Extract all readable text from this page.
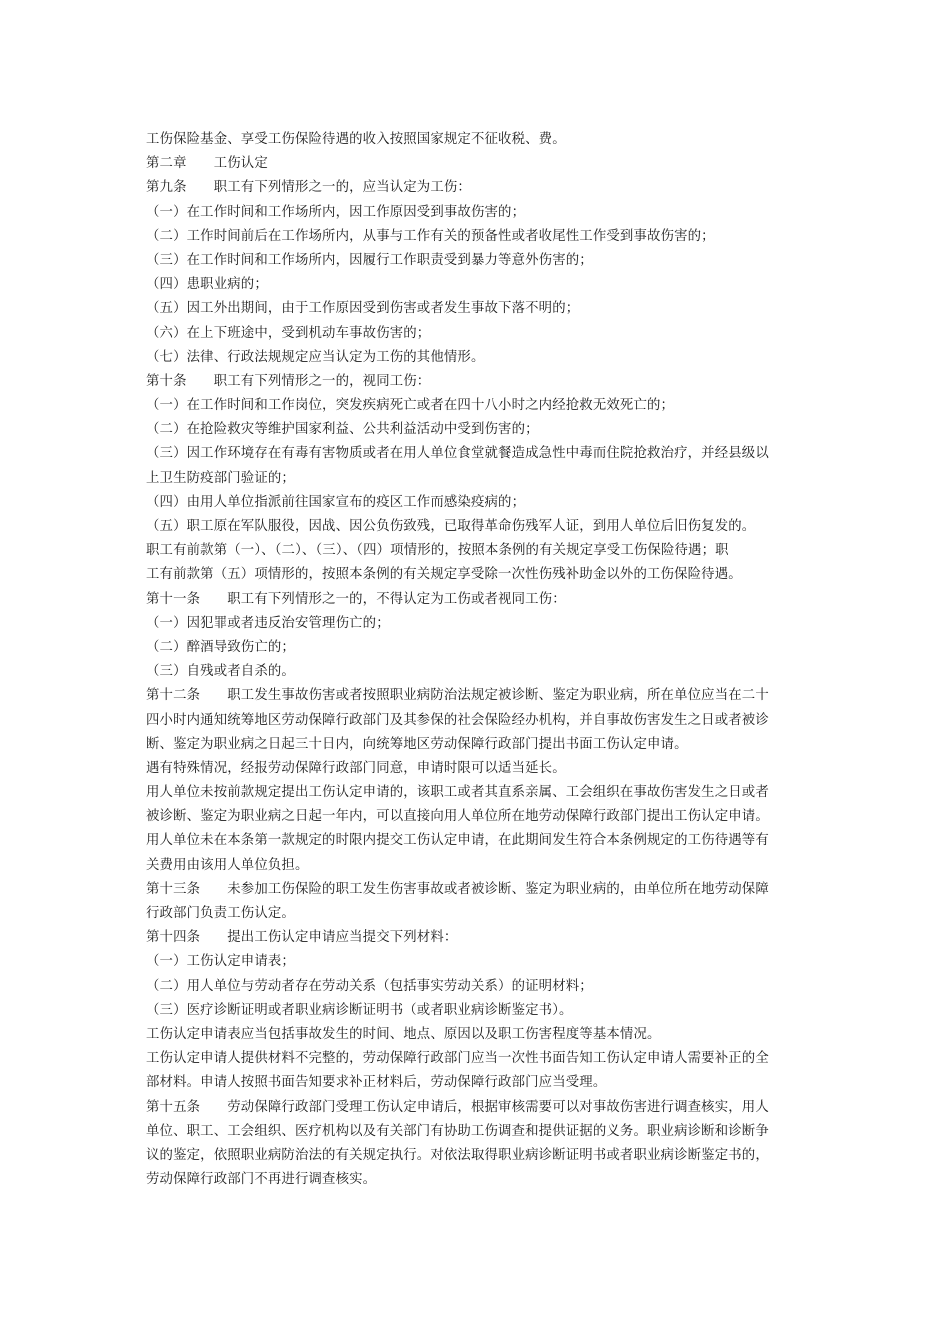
工伤保险基金、享受工伤保险待遇的收入按照国家规定不征收税、费。
第二章　　工伤认定
第九条　　职工有下列情形之一的，应当认定为工伤：
（一）在工作时间和工作场所内，因工作原因受到事故伤害的；
（二）工作时间前后在工作场所内，从事与工作有关的预备性或者收尾性工作受到事故伤害的；
（三）在工作时间和工作场所内，因履行工作职责受到暴力等意外伤害的；
（四）患职业病的；
（五）因工外出期间，由于工作原因受到伤害或者发生事故下落不明的；
（六）在上下班途中，受到机动车事故伤害的；
（七）法律、行政法规规定应当认定为工伤的其他情形。
第十条　　职工有下列情形之一的，视同工伤：
（一）在工作时间和工作岗位，突发疾病死亡或者在四十八小时之内经抢救无效死亡的；
（二）在抢险救灾等维护国家利益、公共利益活动中受到伤害的；
（三）因工作环境存在有毒有害物质或者在用人单位食堂就餐造成急性中毒而住院抢救治疗，并经县级以
上卫生防疫部门验证的；
（四）由用人单位指派前往国家宣布的疫区工作而感染疫病的；
（五）职工原在军队服役，因战、因公负伤致残，已取得革命伤残军人证，到用人单位后旧伤复发的。
职工有前款第（一）、（二）、（三）、（四）项情形的，按照本条例的有关规定享受工伤保险待遇；职
工有前款第（五）项情形的，按照本条例的有关规定享受除一次性伤残补助金以外的工伤保险待遇。
第十一条　　职工有下列情形之一的，不得认定为工伤或者视同工伤：
（一）因犯罪或者违反治安管理伤亡的；
（二）醉酒导致伤亡的；
（三）自残或者自杀的。
第十二条　　职工发生事故伤害或者按照职业病防治法规定被诊断、鉴定为职业病，所在单位应当在二十
四小时内通知统筹地区劳动保障行政部门及其参保的社会保险经办机构，并自事故伤害发生之日或者被诊
断、鉴定为职业病之日起三十日内，向统筹地区劳动保障行政部门提出书面工伤认定申请。
遇有特殊情况，经报劳动保障行政部门同意，申请时限可以适当延长。
用人单位未按前款规定提出工伤认定申请的，该职工或者其直系亲属、工会组织在事故伤害发生之日或者
被诊断、鉴定为职业病之日起一年内，可以直接向用人单位所在地劳动保障行政部门提出工伤认定申请。
用人单位未在本条第一款规定的时限内提交工伤认定申请，在此期间发生符合本条例规定的工伤待遇等有
关费用由该用人单位负担。
第十三条　　未参加工伤保险的职工发生伤害事故或者被诊断、鉴定为职业病的，由单位所在地劳动保障
行政部门负责工伤认定。
第十四条　　提出工伤认定申请应当提交下列材料：
（一）工伤认定申请表；
（二）用人单位与劳动者存在劳动关系（包括事实劳动关系）的证明材料；
（三）医疗诊断证明或者职业病诊断证明书（或者职业病诊断鉴定书）。
工伤认定申请表应当包括事故发生的时间、地点、原因以及职工伤害程度等基本情况。
工伤认定申请人提供材料不完整的，劳动保障行政部门应当一次性书面告知工伤认定申请人需要补正的全
部材料。申请人按照书面告知要求补正材料后，劳动保障行政部门应当受理。
第十五条　　劳动保障行政部门受理工伤认定申请后，根据审核需要可以对事故伤害进行调查核实，用人
单位、职工、工会组织、医疗机构以及有关部门有协助工伤调查和提供证据的义务。职业病诊断和诊断争
议的鉴定，依照职业病防治法的有关规定执行。对依法取得职业病诊断证明书或者职业病诊断鉴定书的，
劳动保障行政部门不再进行调查核实。
